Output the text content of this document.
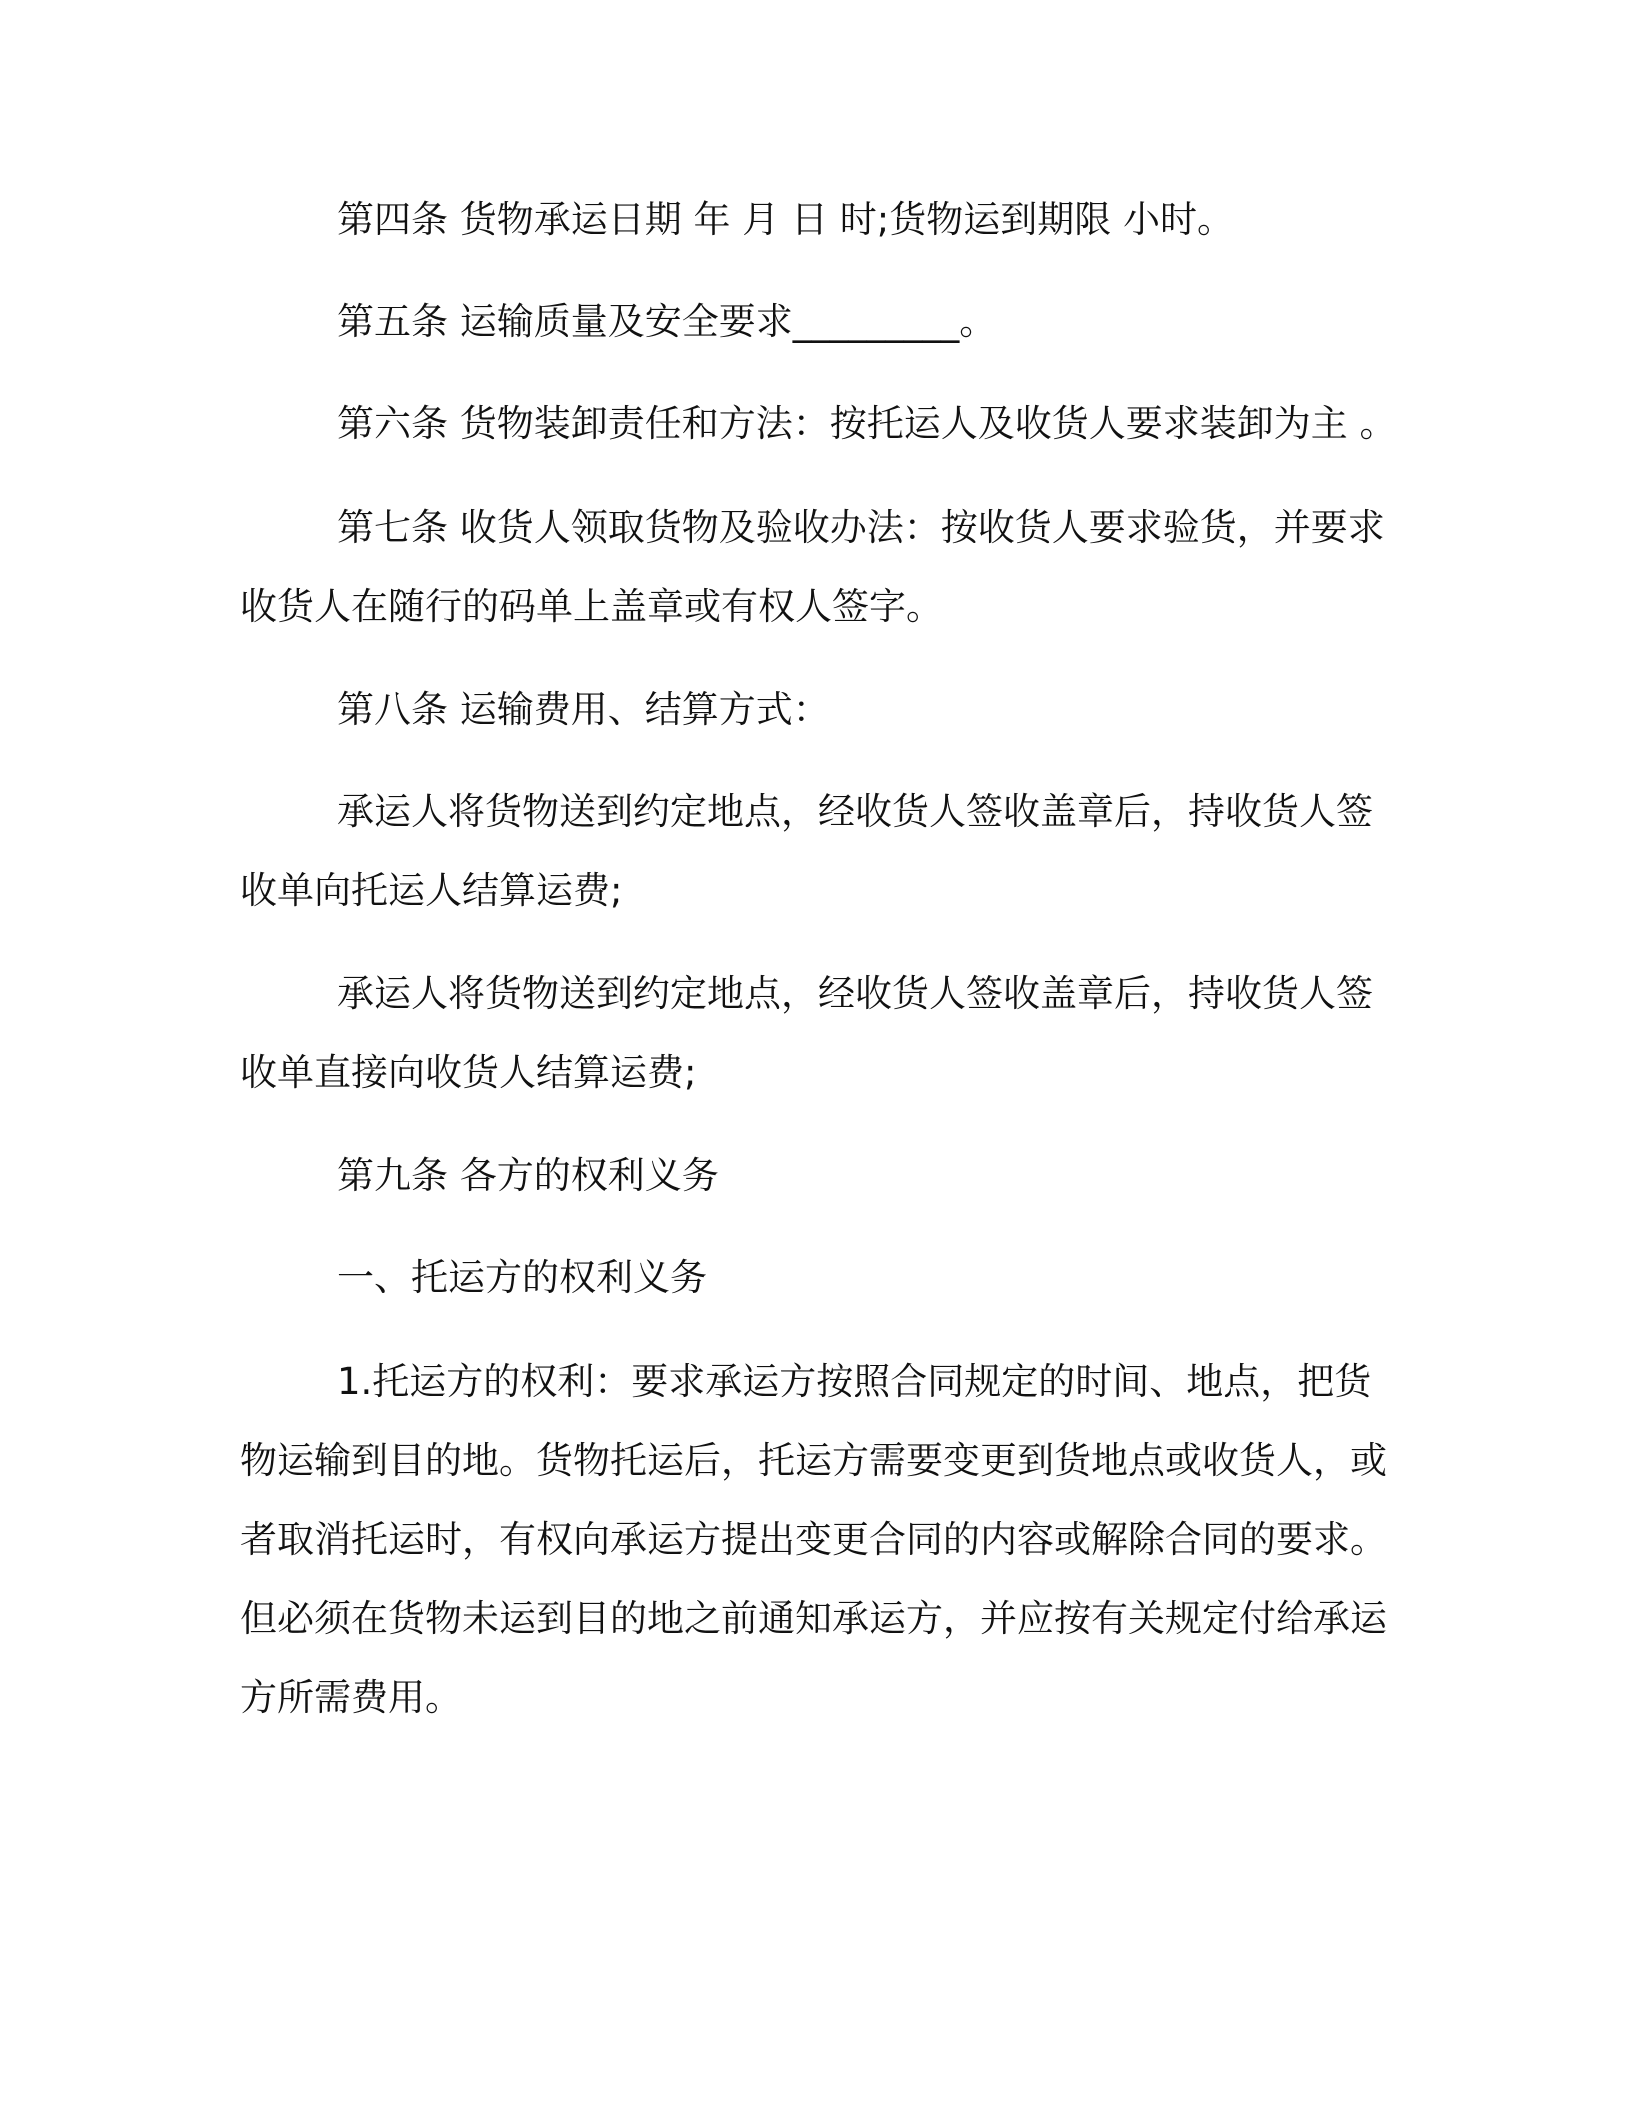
第四条 货物承运日期 年 月 日 时;货物运到期限 小时。

第五条 运输质量及安全要求_________。

第六条 货物装卸责任和方法：按托运人及收货人要求装卸为主 。

第七条 收货人领取货物及验收办法：按收货人要求验货，并要求收货人在随行的码单上盖章或有权人签字。

第八条 运输费用、结算方式：

承运人将货物送到约定地点，经收货人签收盖章后，持收货人签收单向托运人结算运费;

承运人将货物送到约定地点，经收货人签收盖章后，持收货人签收单直接向收货人结算运费;

第九条 各方的权利义务

一、托运方的权利义务

1.托运方的权利：要求承运方按照合同规定的时间、地点，把货物运输到目的地。货物托运后，托运方需要变更到货地点或收货人，或者取消托运时，有权向承运方提出变更合同的内容或解除合同的要求。但必须在货物未运到目的地之前通知承运方，并应按有关规定付给承运方所需费用。
